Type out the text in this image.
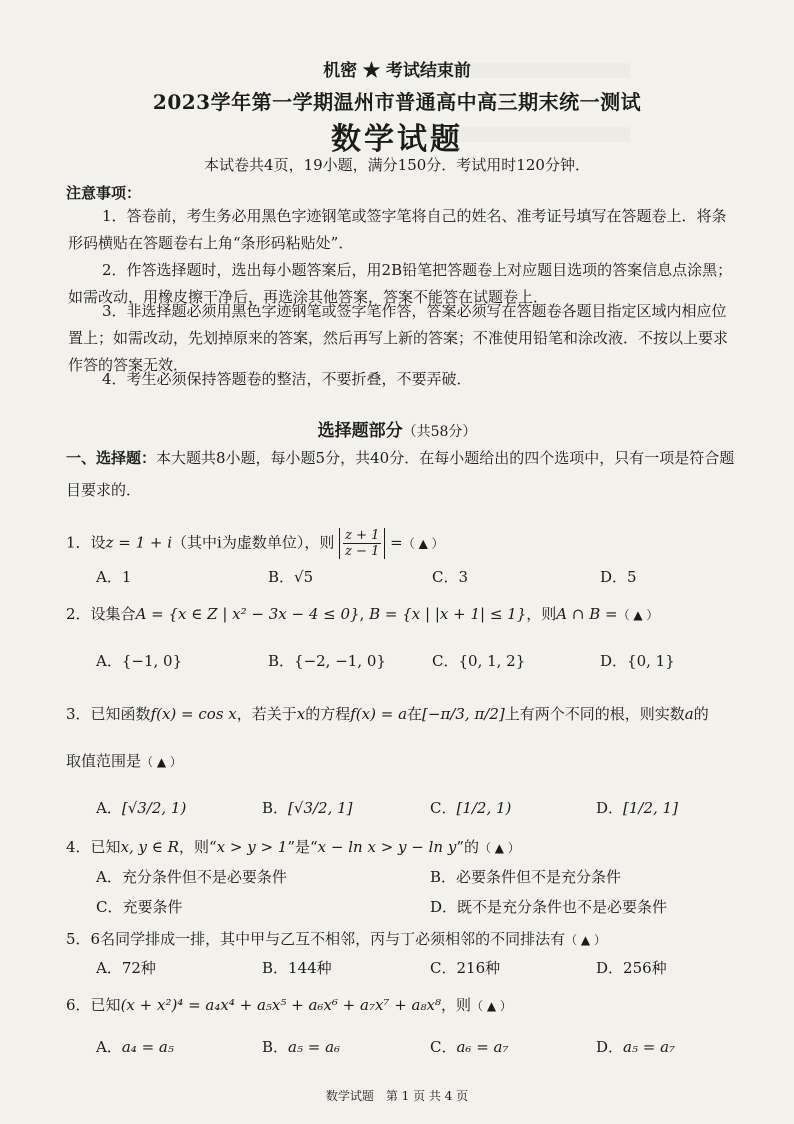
▒▒▒▒▒▒▒▒▒▒▒▒▒▒▒▒▒▒▒▒▒
▒▒▒▒▒▒▒▒▒▒▒▒▒▒▒▒▒▒▒▒▒
机密 ★ 考试结束前
2023学年第一学期温州市普通高中高三期末统一测试
数学试题
本试卷共4页，19小题，满分150分．考试用时120分钟．
注意事项：
1．答卷前，考生务必用黑色字迹钢笔或签字笔将自己的姓名、准考证号填写在答题卷上．将条形码横贴在答题卷右上角“条形码粘贴处”．
2．作答选择题时，选出每小题答案后，用2B铅笔把答题卷上对应题目选项的答案信息点涂黑；如需改动，用橡皮擦干净后，再选涂其他答案，答案不能答在试题卷上．
3．非选择题必须用黑色字迹钢笔或签字笔作答，答案必须写在答题卷各题目指定区域内相应位置上；如需改动，先划掉原来的答案，然后再写上新的答案；不准使用铅笔和涂改液．不按以上要求作答的答案无效．
4．考生必须保持答题卷的整洁，不要折叠，不要弄破．
选择题部分（共58分）
一、选择题：本大题共8小题，每小题5分，共40分．在每小题给出的四个选项中，只有一项是符合题目要求的．
1．设z = 1 + i（其中i为虚数单位），则 $\frac{z + 1}{z - 1}$ =（ ▲ ）
A．1	B．√5	C．3	D．5
2．设集合A = {x ∈ Z | x² − 3x − 4 ≤ 0}, B = {x | |x + 1| ≤ 1}，则A ∩ B =（ ▲ ）
A．{−1, 0}	B．{−2, −1, 0}	C．{0, 1, 2}	D．{0, 1}
3．已知函数f(x) = cos x，若关于x的方程f(x) = a在[−π/3, π/2]上有两个不同的根，则实数a的
取值范围是（ ▲ ）
A．[√3/2, 1)	B．[√3/2, 1]	C．[1/2, 1)	D．[1/2, 1]
4．已知x, y ∈ R，则“x > y > 1”是“x − ln x > y − ln y”的（ ▲ ）
A．充分条件但不是必要条件	B．必要条件但不是充分条件
C．充要条件	D．既不是充分条件也不是必要条件
5．6名同学排成一排，其中甲与乙互不相邻，丙与丁必须相邻的不同排法有（ ▲ ）
A．72种	B．144种	C．216种	D．256种
6．已知(x + x²)⁴ = a₄x⁴ + a₅x⁵ + a₆x⁶ + a₇x⁷ + a₈x⁸，则（ ▲ ）
A．a₄ = a₅	B．a₅ = a₆	C．a₆ = a₇	D．a₅ = a₇
数学试题　第 1 页 共 4 页
